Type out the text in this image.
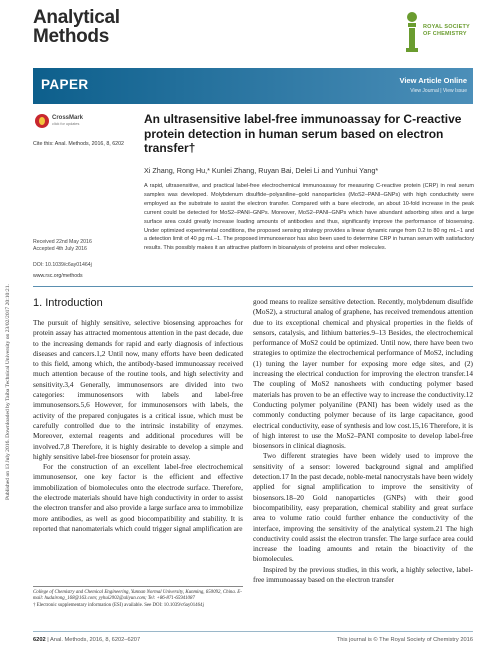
Analytical
Methods	ROYAL SOCIETY
OF CHEMISTRY
PAPER	View Article Online
View Journal | View Issue
Published on 13 July 2016. Downloaded by Taiba Technical University on 23/02/2017 20:10:21.
CrossMark
click for updates
Cite this: Anal. Methods, 2016, 8, 6202
An ultrasensitive label-free immunoassay for C-reactive protein detection in human serum based on electron transfer†
Xi Zhang, Rong Hu,* Kunlei Zhang, Ruyan Bai, Delei Li and Yunhui Yang*
A rapid, ultrasensitive, and practical label-free electrochemical immunoassay for measuring C-reactive protein (CRP) in real serum samples was developed. Molybdenum disulfide–polyaniline–gold nanoparticles (MoS2–PANI–GNPs) with high conductivity were employed as the substrate to assist the electron transfer. Compared with a bare electrode, an about 10-fold increase in the peak current could be detected for MoS2–PANI–GNPs. Moreover, MoS2–PANI–GNPs which have abundant adsorbing sites and a large surface area could greatly increase loading amounts of antibodies and thus, significantly improve the performance of biosensing. Under optimized experimental conditions, the proposed sensing strategy provides a linear dynamic range from 0.2 to 80 ng mL−1 and a detection limit of 40 pg mL−1. The proposed immunosensor has also been used to determine CRP in human serum with satisfactory results. This possibly makes it an attractive platform in bioanalysis of proteins and other molecules.
Received 22nd May 2016
Accepted 4th July 2016
DOI: 10.1039/c6ay01464j
www.rsc.org/methods
1. Introduction

The pursuit of highly sensitive, selective biosensing approaches for protein assay has attracted momentous attention in the past decade, due to the increasing demands for rapid and early diagnosis of infectious diseases and cancers.1,2 Until now, many efforts have been dedicated to this field, among which, the antibody-based immunoassay received much attention because of the routine tools, and high selectivity and sensitivity.3,4 Generally, immunosensors are divided into two categories: immunosensors with labels and label-free immunosensors.5,6 However, for immunosensors with labels, the activity of the prepared conjugates is a critical issue, which must be carefully controlled due to the intrinsic instability of enzymes. Moreover, external reagents and additional procedures will be involved.7,8 Therefore, it is highly desirable to develop a simple and highly sensitive label-free biosensor for protein assay.

For the construction of an excellent label-free electrochemical immunosensor, one key factor is the efficient and effective immobilization of biomolecules onto the electrode surface. Therefore, the electrode materials should have high conductivity in order to assist the electron transfer and also provide a large surface area to immobilize more antibodies, as well as good biocompatibility and stability. It is reported that nanomaterials which could trigger signal amplification are

College of Chemistry and Chemical Engineering, Yunnan Normal University, Kunming, 650092, China. E-mail: hudairong_168@163.com; yyhui2002@aliyun.com; Tel: +86-871-65941087

† Electronic supplementary information (ESI) available. See DOI: 10.1039/c6ay01464j

good means to realize sensitive detection. Recently, molybdenum disulfide (MoS2), a structural analog of graphene, has received tremendous attention due to its exceptional chemical and physical properties in the fields of sensors, catalysis, and lithium batteries.9–13 Besides, the electrochemical performance of MoS2 could be optimized. Until now, there have been two strategies to optimize the electrochemical performance of MoS2, including (1) tuning the layer number for exposing more edge sites, and (2) increasing the electrical conduction for improving the electron transfer.14 The coupling of MoS2 nanosheets with conducting polymer based materials has proven to be an effective way to increase the conductivity.12 Conducting polymer polyaniline (PANI) has been widely used as the commonly conducting polymer because of its large capacitance, good electrical conductivity, ease of synthesis and low cost.15,16 Therefore, it is of high interest to use the MoS2–PANI composite to develop label-free biosensors in clinical diagnosis.

Two different strategies have been widely used to improve the sensitivity of a sensor: lowered background signal and amplified detection.17 In the past decade, noble-metal nanocrystals have been widely applied for signal amplification to improve the sensitivity of biosensors.18–20 Gold nanoparticles (GNPs) with their good biocompatibility, easy preparation, chemical stability and great surface area to volume ratio could further enhance the conductivity of the interface, improving the sensitivity of the analytical system.21 The high conductivity could assist the electron transfer. The large surface area could increase the loading amounts and retain the bioactivity of the biomolecules.

Inspired by the previous studies, in this work, a highly selective, label-free immunoassay based on the electron transfer

6202 | Anal. Methods, 2016, 8, 6202–6207	This journal is © The Royal Society of Chemistry 2016
